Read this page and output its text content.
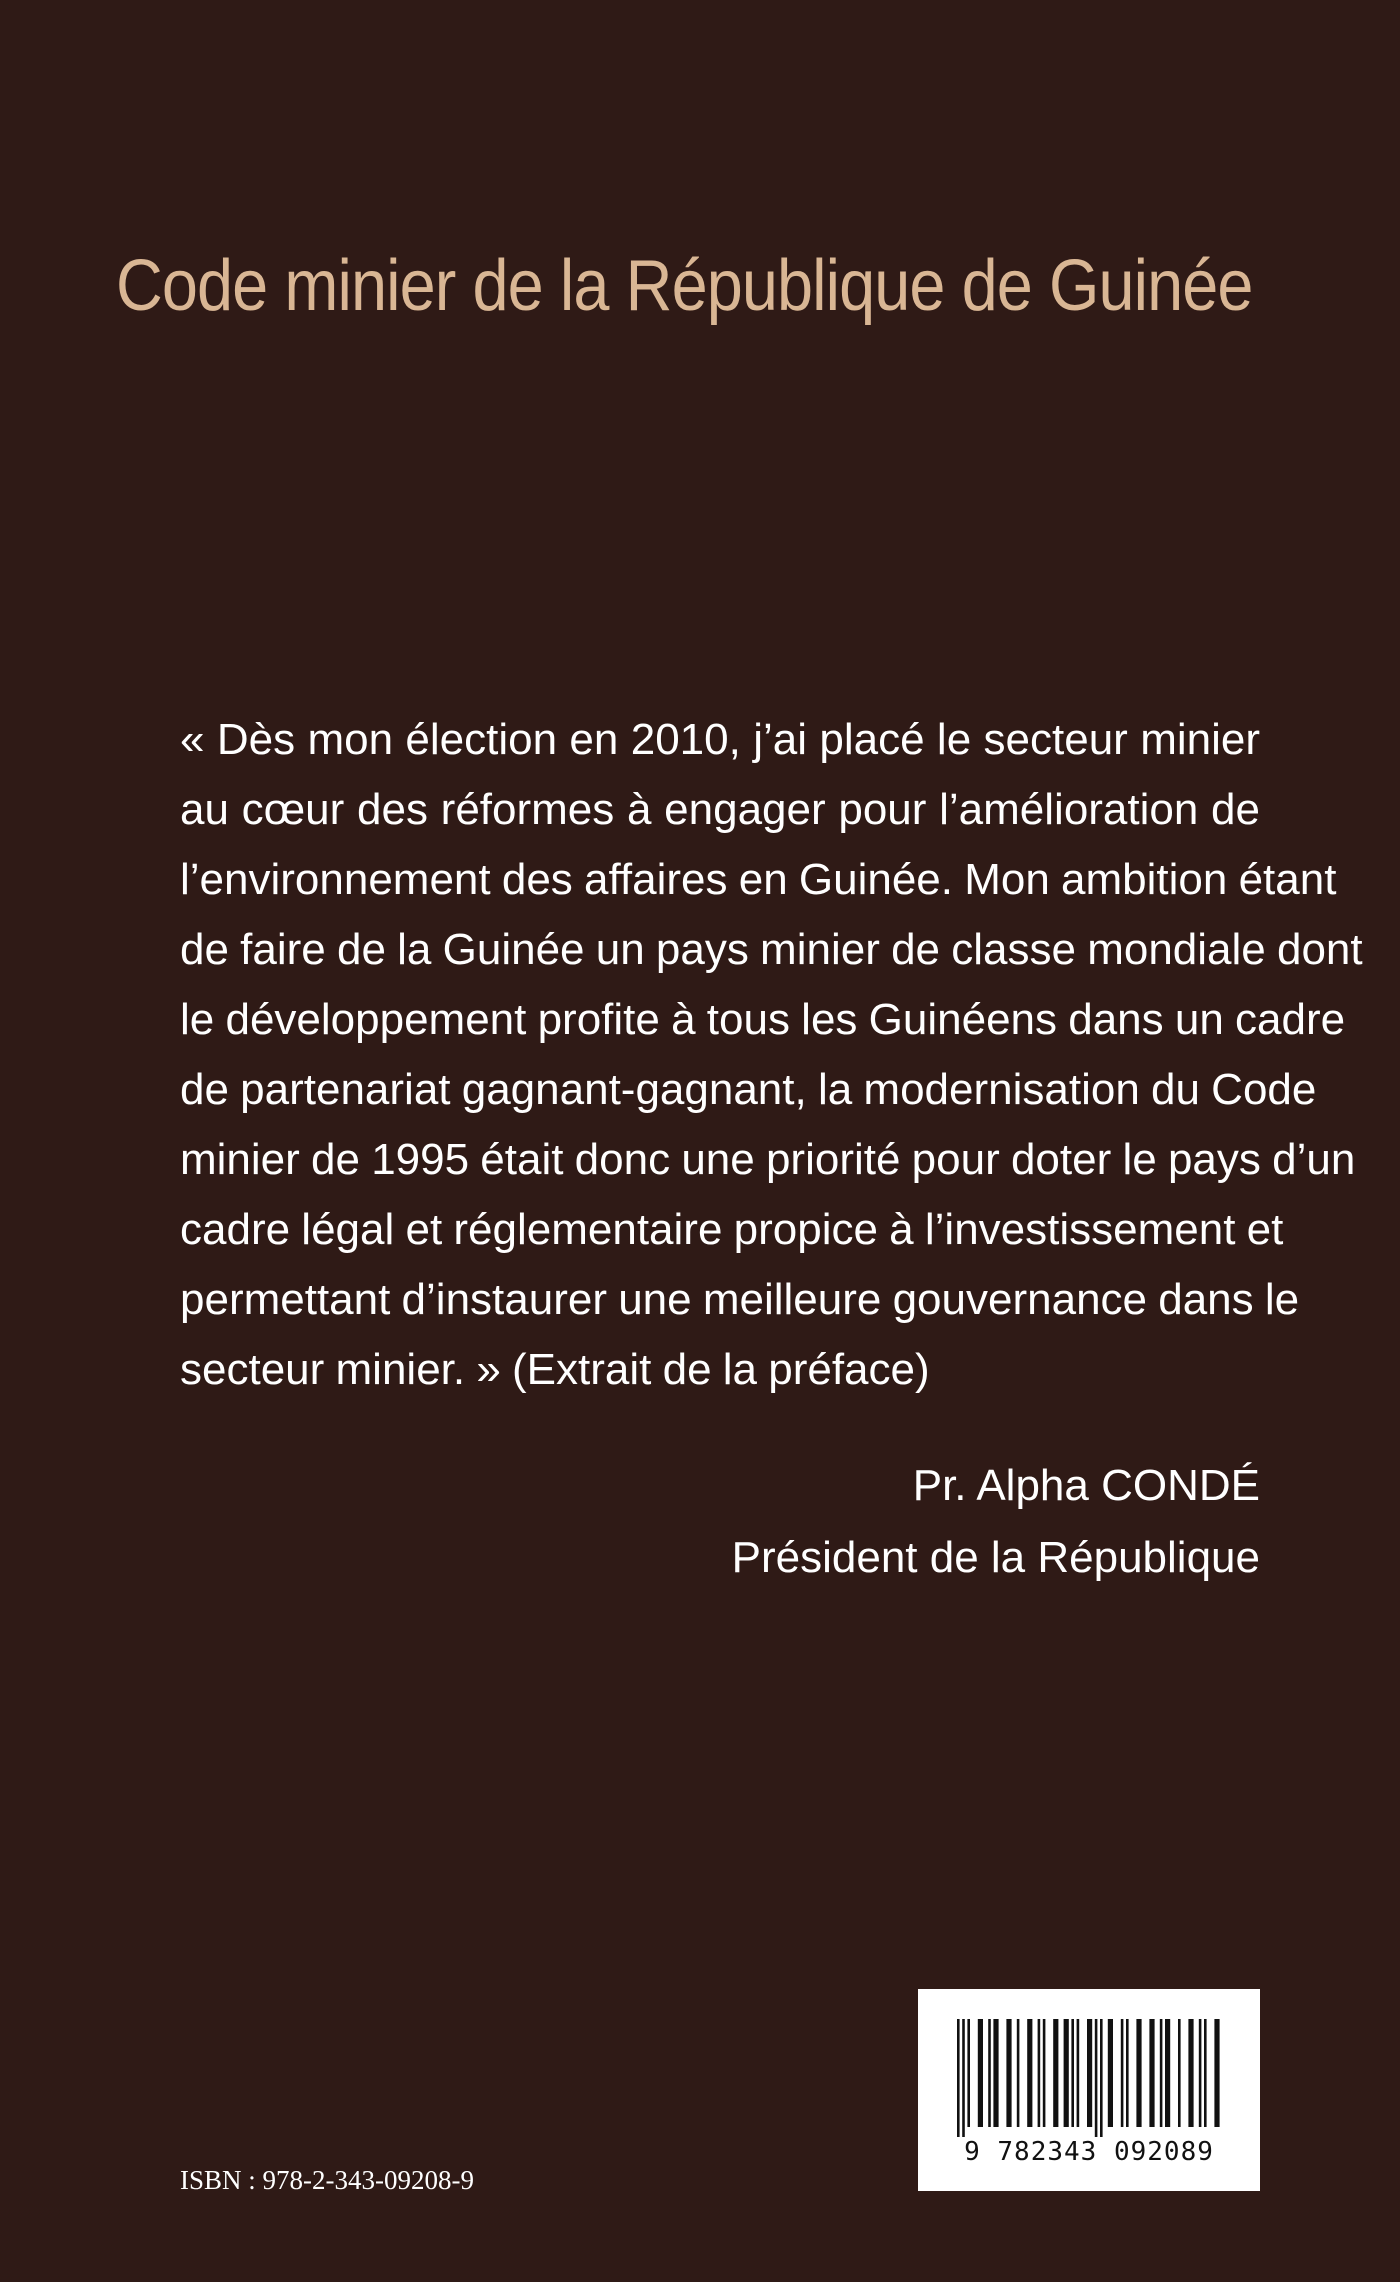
Code minier de la République de Guinée
« Dès mon élection en 2010, j’ai placé le secteur minier
au cœur des réformes à engager pour l’amélioration de
l’environnement des affaires en Guinée. Mon ambition étant
de faire de la Guinée un pays minier de classe mondiale dont
le développement profite à tous les Guinéens dans un cadre
de partenariat gagnant-gagnant, la modernisation du Code
minier de 1995 était donc une priorité pour doter le pays d’un
cadre légal et réglementaire propice à l’investissement et
permettant d’instaurer une meilleure gouvernance dans le
secteur minier. » (Extrait de la préface)
Pr. Alpha CONDÉ
Président de la République
9 782343 092089

ISBN : 978-2-343-09208-9
